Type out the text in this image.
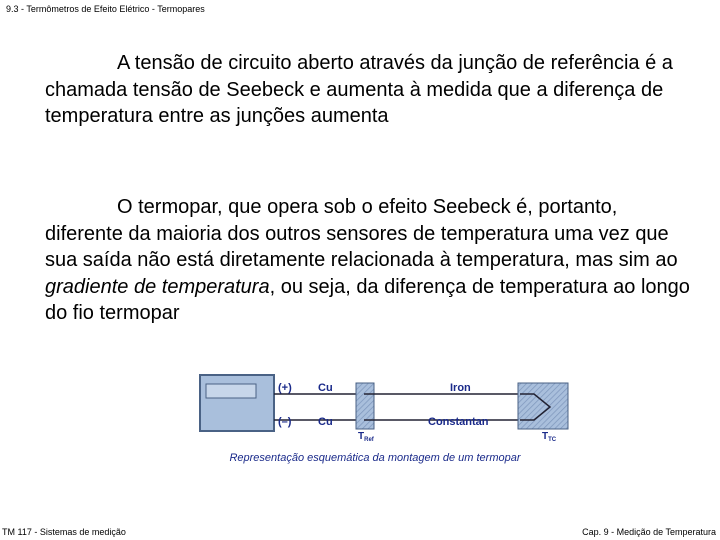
9.3 - Termômetros de Efeito Elétrico - Termopares

A tensão de circuito aberto através da junção de referência é a chamada tensão de Seebeck e aumenta à medida que a diferença de temperatura entre as junções aumenta

O termopar, que opera sob o efeito Seebeck é, portanto, diferente da maioria dos outros sensores de temperatura uma vez que sua saída não está diretamente relacionada à temperatura, mas sim ao gradiente de temperatura, ou seja, da diferença de temperatura ao longo do fio termopar

(+)
(–)
Cu
Cu
Iron
Constantan
$T_{Ref}$	$T_{TC}$
Representação esquemática da montagem de um termopar
TM 117 - Sistemas de medição	Cap. 9 - Medição de Temperatura
